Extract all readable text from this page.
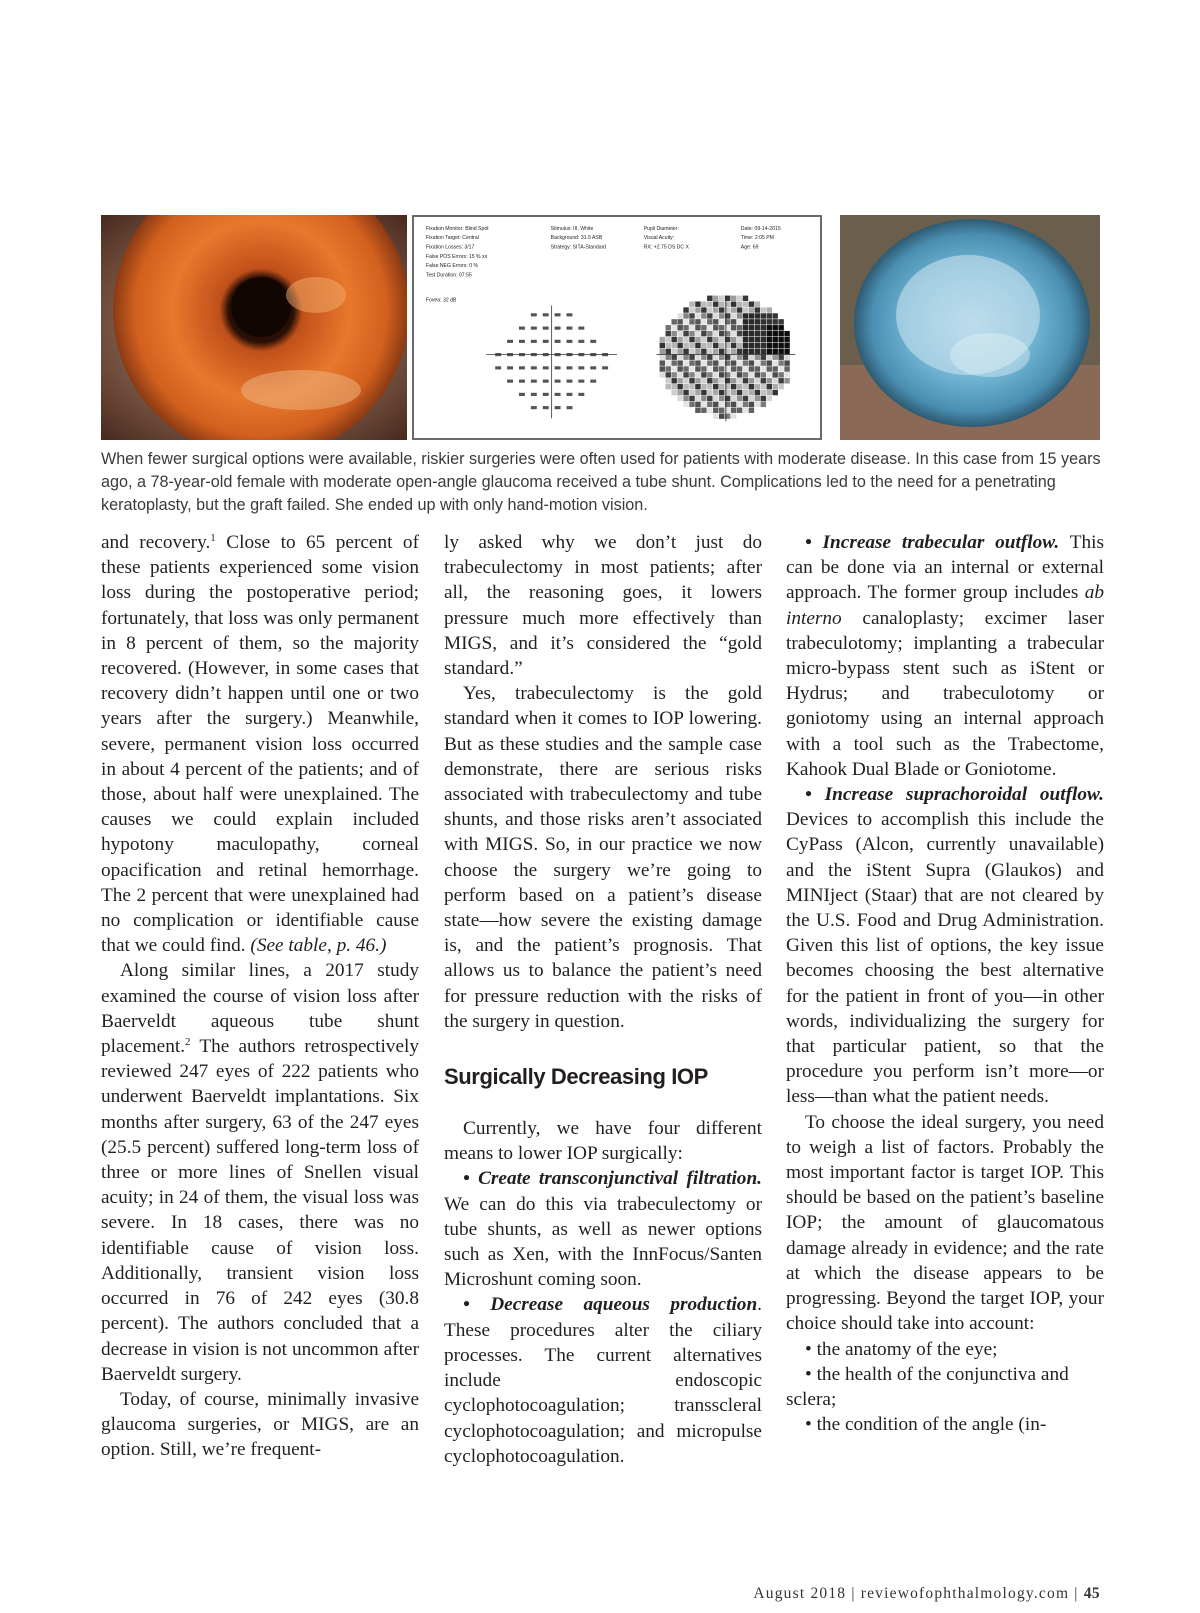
Fixation Monitor: Blind Spot
Fixation Target: Central
Fixation Losses: 3/17
False POS Errors: 15 % xx
False NEG Errors: 0 %
Test Duration: 07:55
Stimulus: III, White
Background: 31.5 ASB
Strategy: SITA-Standard
Pupil Diameter:
Visual Acuity:
RX: +2.75 DS DC X
Date: 09-14-2015
Time: 2:05 PM
Age: 69
Fovea: 32 dB

When fewer surgical options were available, riskier surgeries were often used for patients with moderate disease. In this case from 15 years ago, a 78-year-old female with moderate open-angle glaucoma received a tube shunt. Complications led to the need for a penetrating keratoplasty, but the graft failed. She ended up with only hand-motion vision.

and recovery.$^1$ Close to 65 percent of these patients experienced some vision loss during the postoperative period; fortunately, that loss was only permanent in 8 percent of them, so the majority recovered. (However, in some cases that recovery didn’t happen until one or two years after the surgery.) Meanwhile, severe, permanent vision loss occurred in about 4 percent of the patients; and of those, about half were unexplained. The causes we could explain included hypotony maculopathy, corneal opacification and retinal hemorrhage. The 2 percent that were unexplained had no complication or identifiable cause that we could find. (See table, p. 46.)

Along similar lines, a 2017 study examined the course of vision loss after Baerveldt aqueous tube shunt placement.$^2$ The authors retrospectively reviewed 247 eyes of 222 patients who underwent Baerveldt implantations. Six months after surgery, 63 of the 247 eyes (25.5 percent) suffered long-term loss of three or more lines of Snellen visual acuity; in 24 of them, the visual loss was severe. In 18 cases, there was no identifiable cause of vision loss. Additionally, transient vision loss occurred in 76 of 242 eyes (30.8 percent). The authors concluded that a decrease in vision is not uncommon after Baerveldt surgery.

Today, of course, minimally invasive glaucoma surgeries, or MIGS, are an option. Still, we’re frequent-

ly asked why we don’t just do trabeculectomy in most patients; after all, the reasoning goes, it lowers pressure much more effectively than MIGS, and it’s considered the “gold standard.”

Yes, trabeculectomy is the gold standard when it comes to IOP lowering. But as these studies and the sample case demonstrate, there are serious risks associated with trabeculectomy and tube shunts, and those risks aren’t associated with MIGS. So, in our practice we now choose the surgery we’re going to perform based on a patient’s disease state—how severe the existing damage is, and the patient’s prognosis. That allows us to balance the patient’s need for pressure reduction with the risks of the surgery in question.

Surgically Decreasing IOP

Currently, we have four different means to lower IOP surgically:

• Create transconjunctival filtration. We can do this via trabeculectomy or tube shunts, as well as newer options such as Xen, with the InnFocus/Santen Microshunt coming soon.

• Decrease aqueous production. These procedures alter the ciliary processes. The current alternatives include endoscopic cyclophotocoagulation; transscleral cyclophotocoagulation; and micropulse cyclophotocoagulation.

• Increase trabecular outflow. This can be done via an internal or external approach. The former group includes ab interno canaloplasty; excimer laser trabeculotomy; implanting a trabecular micro-bypass stent such as iStent or Hydrus; and trabeculotomy or goniotomy using an internal approach with a tool such as the Trabectome, Kahook Dual Blade or Goniotome.

• Increase suprachoroidal outflow. Devices to accomplish this include the CyPass (Alcon, currently unavailable) and the iStent Supra (Glaukos) and MINIject (Staar) that are not cleared by the U.S. Food and Drug Administration. Given this list of options, the key issue becomes choosing the best alternative for the patient in front of you—in other words, individualizing the surgery for that particular patient, so that the procedure you perform isn’t more—or less—than what the patient needs.

To choose the ideal surgery, you need to weigh a list of factors. Probably the most important factor is target IOP. This should be based on the patient’s baseline IOP; the amount of glaucomatous damage already in evidence; and the rate at which the disease appears to be progressing. Beyond the target IOP, your choice should take into account:

• the anatomy of the eye;

• the health of the conjunctiva and sclera;

• the condition of the angle (in-

August 2018 | reviewofophthalmology.com | 45
